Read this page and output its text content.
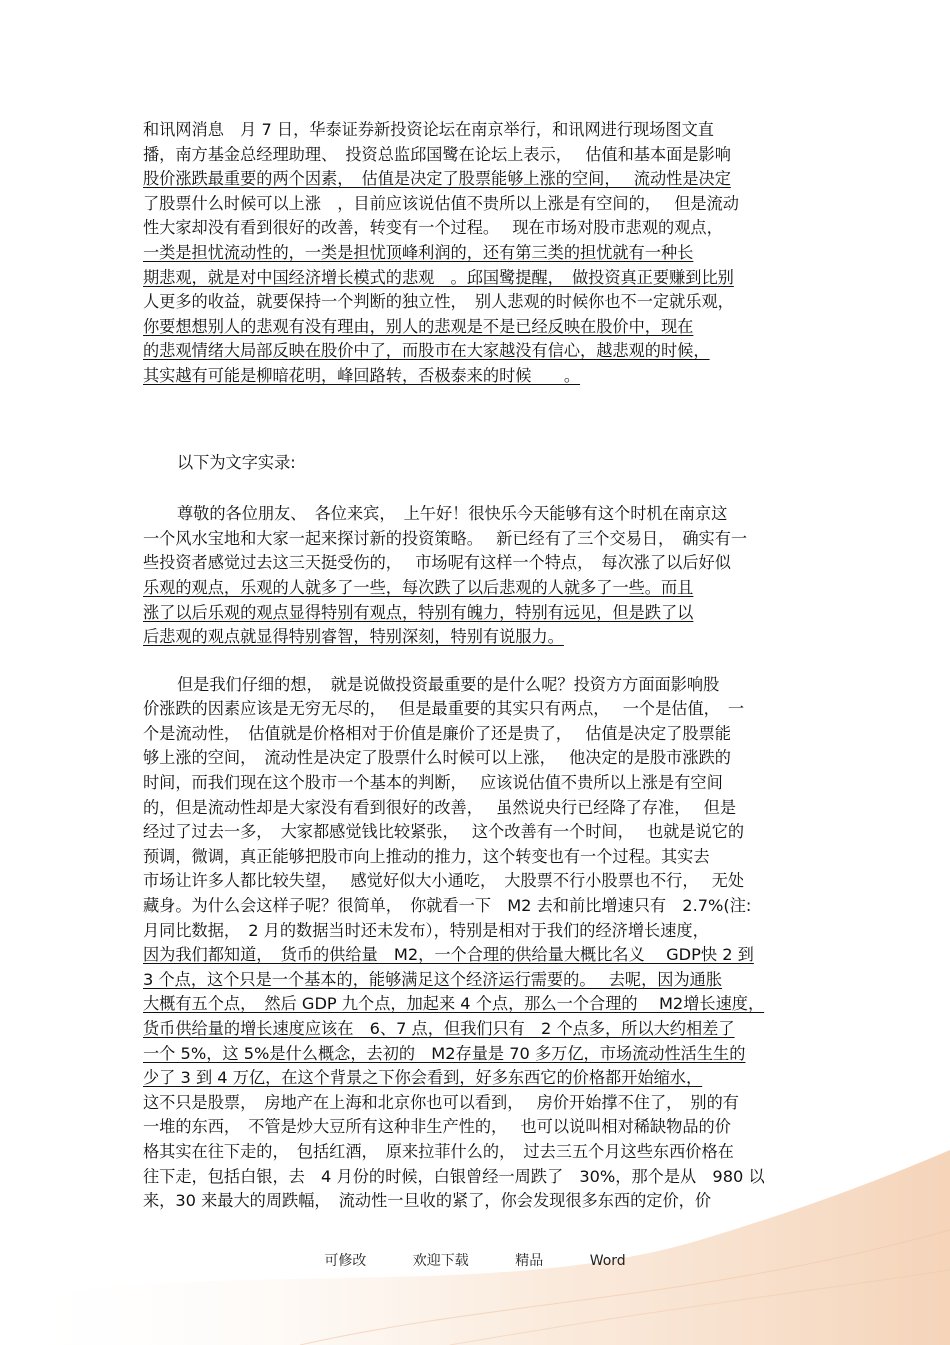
和讯网消息　月 7 日，华泰证券新投资论坛在南京举行，和讯网进行现场图文直
播，南方基金总经理助理、　投资总监邱国鹭在论坛上表示，　 估值和基本面是影响
股价涨跌最重要的两个因素，　估值是决定了股票能够上涨的空间，　 流动性是决定
了股票什么时候可以上涨　，目前应该说估值不贵所以上涨是有空间的，　 但是流动
性大家却没有看到很好的改善，转变有一个过程。　 现在市场对股市悲观的观点，
一类是担忧流动性的，一类是担忧顶峰利润的，还有第三类的担忧就有一种长
期悲观，就是对中国经济增长模式的悲观　。邱国鹭提醒，　做投资真正要赚到比别
人更多的收益，就要保持一个判断的独立性，　别人悲观的时候你也不一定就乐观，
你要想想别人的悲观有没有理由，别人的悲观是不是已经反映在股价中，现在
的悲观情绪大局部反映在股价中了，而股市在大家越没有信心，越悲观的时候，
其实越有可能是柳暗花明，峰回路转，否极泰来的时候　　。
以下为文字实录:
尊敬的各位朋友、　各位来宾，　上午好！很快乐今天能够有这个时机在南京这
一个风水宝地和大家一起来探讨新的投资策略。　 新已经有了三个交易日，　确实有一
些投资者感觉过去这三天挺受伤的，　 市场呢有这样一个特点，　每次涨了以后好似
乐观的观点，乐观的人就多了一些，每次跌了以后悲观的人就多了一些。而且
涨了以后乐观的观点显得特别有观点，特别有魄力，特别有远见，但是跌了以
后悲观的观点就显得特别睿智，特别深刻，特别有说服力。
但是我们仔细的想，　就是说做投资最重要的是什么呢？投资方方面面影响股
价涨跌的因素应该是无穷无尽的，　 但是最重要的其实只有两点，　 一个是估值，　一
个是流动性，　估值就是价格相对于价值是廉价了还是贵了，　 估值是决定了股票能
够上涨的空间，　流动性是决定了股票什么时候可以上涨，　 他决定的是股市涨跌的
时间，而我们现在这个股市一个基本的判断，　 应该说估值不贵所以上涨是有空间
的，但是流动性却是大家没有看到很好的改善，　 虽然说央行已经降了存准，　 但是
经过了过去一多，　大家都感觉钱比较紧张，　 这个改善有一个时间，　 也就是说它的
预调，微调，真正能够把股市向上推动的推力，这个转变也有一个过程。其实去
市场让许多人都比较失望，　 感觉好似大小通吃，　大股票不行小股票也不行，　 无处
藏身。为什么会这样子呢？很简单，　你就看一下　M2 去和前比增速只有　2.7%(注:
月同比数据，　2 月的数据当时还未发布），特别是相对于我们的经济增长速度，
因为我们都知道，　货币的供给量　M2，一个合理的供给量大概比名义　 GDP快 2 到
3 个点，这个只是一个基本的，能够满足这个经济运行需要的。　 去呢，因为通胀
大概有五个点，　然后 GDP 九个点，加起来 4 个点，那么一个合理的　 M2增长速度，
货币供给量的增长速度应该在　6、7 点，但我们只有　2 个点多，所以大约相差了
一个 5%，这 5%是什么概念，去初的　M2存量是 70 多万亿，市场流动性活生生的
少了 3 到 4 万亿，在这个背景之下你会看到，好多东西它的价格都开始缩水，
这不只是股票，　房地产在上海和北京你也可以看到，　 房价开始撑不住了，　别的有
一堆的东西，　不管是炒大豆所有这种非生产性的，　 也可以说叫相对稀缺物品的价
格其实在往下走的，　包括红酒，　原来拉菲什么的，　过去三五个月这些东西价格在
往下走，包括白银，去　4 月份的时候，白银曾经一周跌了　30%，那个是从　980 以
来，30 来最大的周跌幅，　流动性一旦收的紧了，你会发现很多东西的定价，价　　
可修改	欢迎下载	精品	Word
